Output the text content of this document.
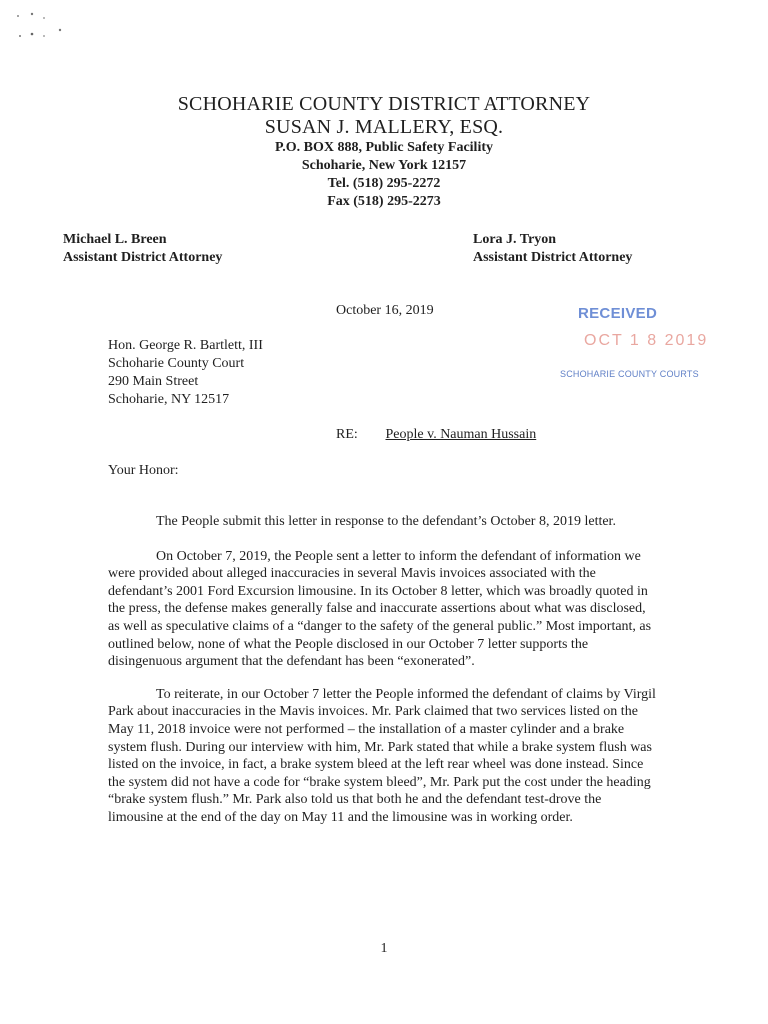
SCHOHARIE COUNTY DISTRICT ATTORNEY
SUSAN J. MALLERY, ESQ.
P.O. BOX 888, Public Safety Facility
Schoharie, New York 12157
Tel. (518) 295-2272
Fax (518) 295-2273
Michael L. Breen
Assistant District Attorney
Lora J. Tryon
Assistant District Attorney
October 16, 2019	RECEIVED
OCT 1 8 2019
SCHOHARIE COUNTY COURTS
Hon. George R. Bartlett, III
Schoharie County Court
290 Main Street
Schoharie, NY 12517
RE: People v. Nauman Hussain
Your Honor:

The People submit this letter in response to the defendant’s October 8, 2019 letter.

On October 7, 2019, the People sent a letter to inform the defendant of information we were provided about alleged inaccuracies in several Mavis invoices associated with the defendant’s 2001 Ford Excursion limousine. In its October 8 letter, which was broadly quoted in the press, the defense makes generally false and inaccurate assertions about what was disclosed, as well as speculative claims of a “danger to the safety of the general public.” Most important, as outlined below, none of what the People disclosed in our October 7 letter supports the disingenuous argument that the defendant has been “exonerated”.

To reiterate, in our October 7 letter the People informed the defendant of claims by Virgil Park about inaccuracies in the Mavis invoices. Mr. Park claimed that two services listed on the May 11, 2018 invoice were not performed – the installation of a master cylinder and a brake system flush. During our interview with him, Mr. Park stated that while a brake system flush was listed on the invoice, in fact, a brake system bleed at the left rear wheel was done instead. Since the system did not have a code for “brake system bleed”, Mr. Park put the cost under the heading “brake system flush.” Mr. Park also told us that both he and the defendant test-drove the limousine at the end of the day on May 11 and the limousine was in working order.

1
